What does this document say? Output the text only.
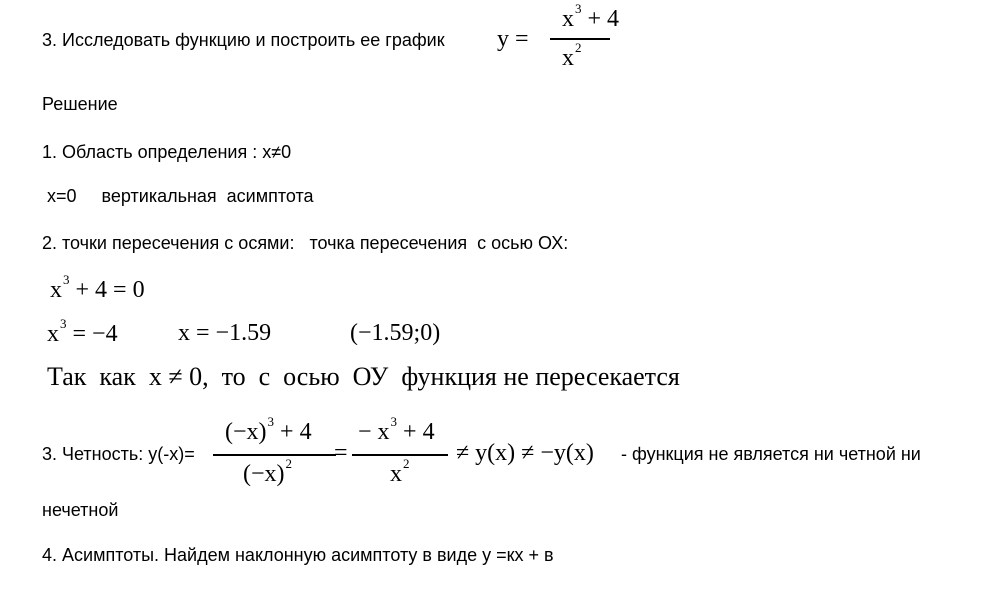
3. Исследовать функцию и построить ее график y =
$x^3 + 4$
$x^2$
Решение
1. Область определения : x≠0
x=0     вертикальная  асимптота
2. точки пересечения с осями:   точка пересечения  с осью ОХ:
$x^3 + 4 = 0$
$x^3 = -4$	x = −1.59	(−1.59;0)
Так  как  x ≠ 0,  то  с  осью  ОУ  функция не пересекается
3. Четность: y(-x)=
$(-x)^3 + 4$
$(-x)^2$ =
− $x^3 + 4$
$x^2 \ne y(x) \ne -y(x)$ - функция не является ни четной ни
нечетной
4. Асимптоты. Найдем наклонную асимптоту в виде y =кх + в
